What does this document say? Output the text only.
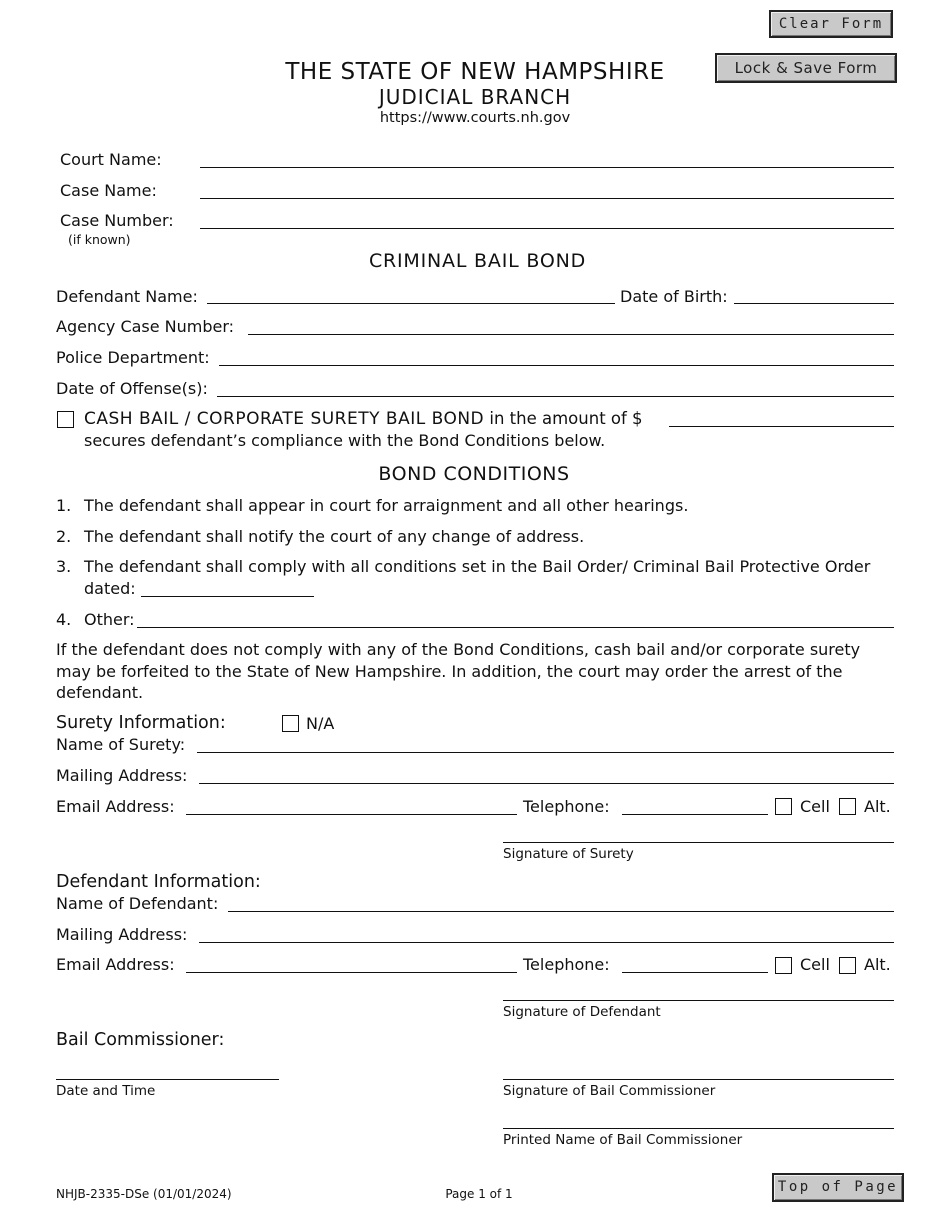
Clear Form
Lock & Save Form
THE STATE OF NEW HAMPSHIRE
JUDICIAL BRANCH
https://www.courts.nh.gov
Court Name:
Case Name:
Case Number:
(if known)
CRIMINAL BAIL BOND
Defendant Name:	Date of Birth:
Agency Case Number:
Police Department:
Date of Offense(s):
CASH BAIL / CORPORATE SURETY BAIL BOND in the amount of $
secures defendant’s compliance with the Bond Conditions below.
BOND CONDITIONS
1. The defendant shall appear in court for arraignment and all other hearings.
2. The defendant shall notify the court of any change of address.
3. The defendant shall comply with all conditions set in the Bail Order/ Criminal Bail Protective Order
dated:
4. Other:
If the defendant does not comply with any of the Bond Conditions, cash bail and/or corporate surety
may be forfeited to the State of New Hampshire. In addition, the court may order the arrest of the
defendant.
Surety Information:	N/A
Name of Surety:
Mailing Address:
Email Address:	Telephone:	Cell Alt.
Signature of Surety
Defendant Information:
Name of Defendant:
Mailing Address:
Email Address:	Telephone:	Cell Alt.
Signature of Defendant
Bail Commissioner:
Date and Time	Signature of Bail Commissioner
Printed Name of Bail Commissioner
NHJB-2335-DSe (01/01/2024)	Page 1 of 1	Top of Page
